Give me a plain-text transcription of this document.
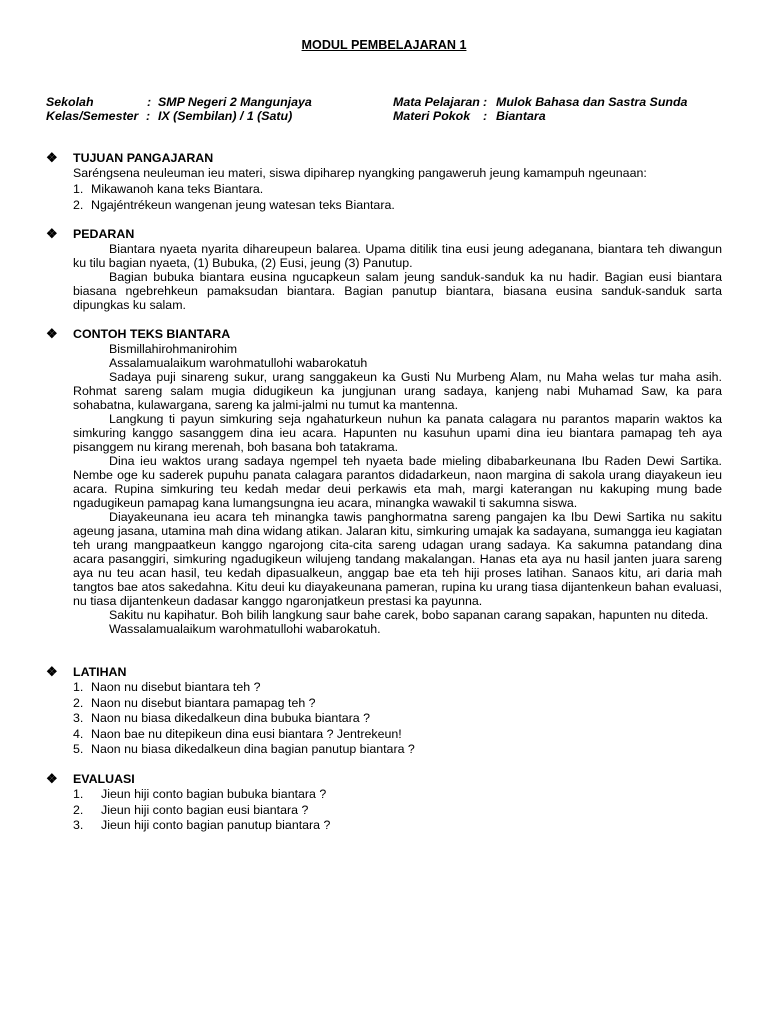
MODUL PEMBELAJARAN 1
Sekolah	: SMP Negeri 2 Mangunjaya	Mata Pelajaran : Mulok Bahasa dan Sastra Sunda
Kelas/Semester : IX (Sembilan) / 1 (Satu)	Materi Pokok : Biantara
❖ TUJUAN PANGAJARAN

Saréngsena neuleuman ieu materi, siswa dipiharep nyangking pangaweruh jeung kamampuh ngeunaan:

1. Mikawanoh kana teks Biantara.
2. Ngajéntrékeun wangenan jeung watesan teks Biantara.
❖ PEDARAN

Biantara nyaeta nyarita dihareupeun balarea. Upama ditilik tina eusi jeung adeganana, biantara teh diwangun ku tilu bagian nyaeta, (1) Bubuka, (2) Eusi, jeung (3) Panutup.

Bagian bubuka biantara eusina ngucapkeun salam jeung sanduk-sanduk ka nu hadir. Bagian eusi biantara biasana ngebrehkeun pamaksudan biantara. Bagian panutup biantara, biasana eusina sanduk-sanduk sarta dipungkas ku salam.

❖ CONTOH TEKS BIANTARA

Bismillahirohmanirohim

Assalamualaikum warohmatullohi wabarokatuh

Sadaya puji sinareng sukur, urang sanggakeun ka Gusti Nu Murbeng Alam, nu Maha welas tur maha asih. Rohmat sareng salam mugia didugikeun ka jungjunan urang sadaya, kanjeng nabi Muhamad Saw, ka para sohabatna, kulawargana, sareng ka jalmi-jalmi nu tumut ka mantenna.

Langkung ti payun simkuring seja ngahaturkeun nuhun ka panata calagara nu parantos maparin waktos ka simkuring kanggo sasanggem dina ieu acara. Hapunten nu kasuhun upami dina ieu biantara pamapag teh aya pisanggem nu kirang merenah, boh basana boh tatakrama.

Dina ieu waktos urang sadaya ngempel teh nyaeta bade mieling dibabarkeunana Ibu Raden Dewi Sartika. Nembe oge ku saderek pupuhu panata calagara parantos didadarkeun, naon margina di sakola urang diayakeun ieu acara. Rupina simkuring teu kedah medar deui perkawis eta mah, margi katerangan nu kakuping mung bade ngadugikeun pamapag kana lumangsungna ieu acara, minangka wawakil ti sakumna siswa.

Diayakeunana ieu acara teh minangka tawis panghormatna sareng pangajen ka Ibu Dewi Sartika nu sakitu ageung jasana, utamina mah dina widang atikan. Jalaran kitu, simkuring umajak ka sadayana, sumangga ieu kagiatan teh urang mangpaatkeun kanggo ngarojong cita-cita sareng udagan urang sadaya. Ka sakumna patandang dina acara pasanggiri, simkuring ngadugikeun wilujeng tandang makalangan. Hanas eta aya nu hasil janten juara sareng aya nu teu acan hasil, teu kedah dipasualkeun, anggap bae eta teh hiji proses latihan. Sanaos kitu, ari daria mah tangtos bae atos sakedahna. Kitu deui ku diayakeunana pameran, rupina ku urang tiasa dijantenkeun bahan evaluasi, nu tiasa dijantenkeun dadasar kanggo ngaronjatkeun prestasi ka payunna.

Sakitu nu kapihatur. Boh bilih langkung saur bahe carek, bobo sapanan carang sapakan, hapunten nu diteda.

Wassalamualaikum warohmatullohi wabarokatuh.

❖ LATIHAN
1. Naon nu disebut biantara teh ?
2. Naon nu disebut biantara pamapag teh ?
3. Naon nu biasa dikedalkeun dina bubuka biantara ?
4. Naon bae nu ditepikeun dina eusi biantara ? Jentrekeun!
5. Naon nu biasa dikedalkeun dina bagian panutup biantara ?
❖ EVALUASI
1. Jieun hiji conto bagian bubuka biantara ?
2. Jieun hiji conto bagian eusi biantara ?
3. Jieun hiji conto bagian panutup biantara ?
